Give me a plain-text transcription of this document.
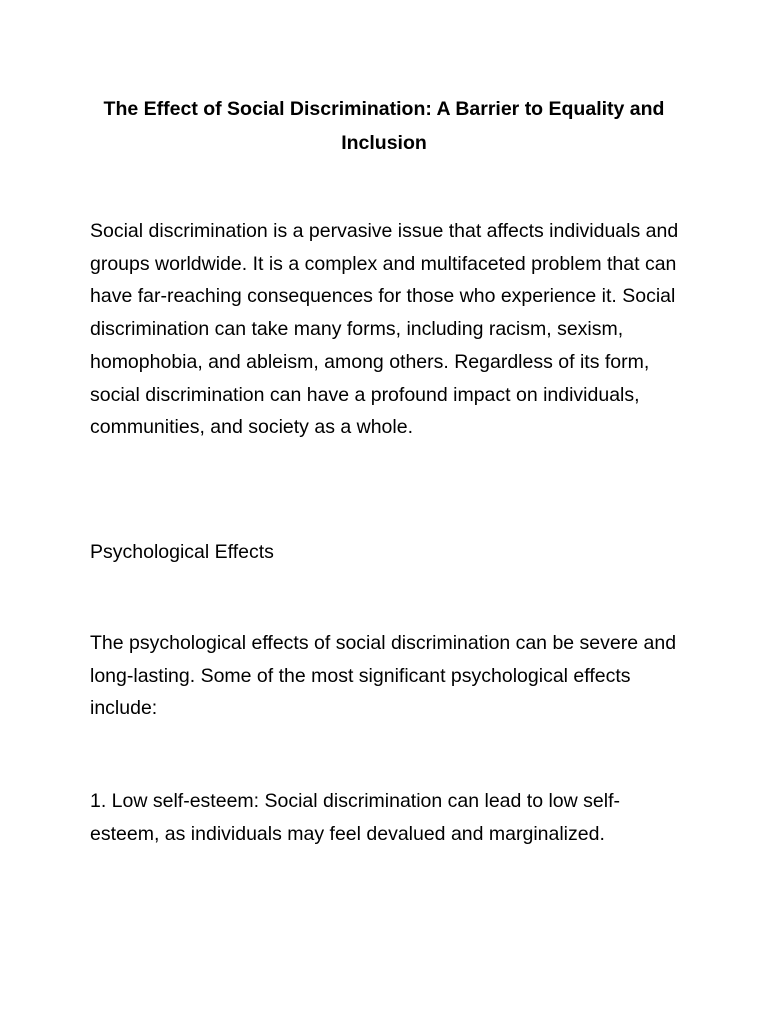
The Effect of Social Discrimination: A Barrier to Equality and Inclusion

Social discrimination is a pervasive issue that affects individuals and groups worldwide. It is a complex and multifaceted problem that can have far-reaching consequences for those who experience it. Social discrimination can take many forms, including racism, sexism, homophobia, and ableism, among others. Regardless of its form, social discrimination can have a profound impact on individuals, communities, and society as a whole.

Psychological Effects

The psychological effects of social discrimination can be severe and long-lasting. Some of the most significant psychological effects include:

1. Low self-esteem: Social discrimination can lead to low self-esteem, as individuals may feel devalued and marginalized.
